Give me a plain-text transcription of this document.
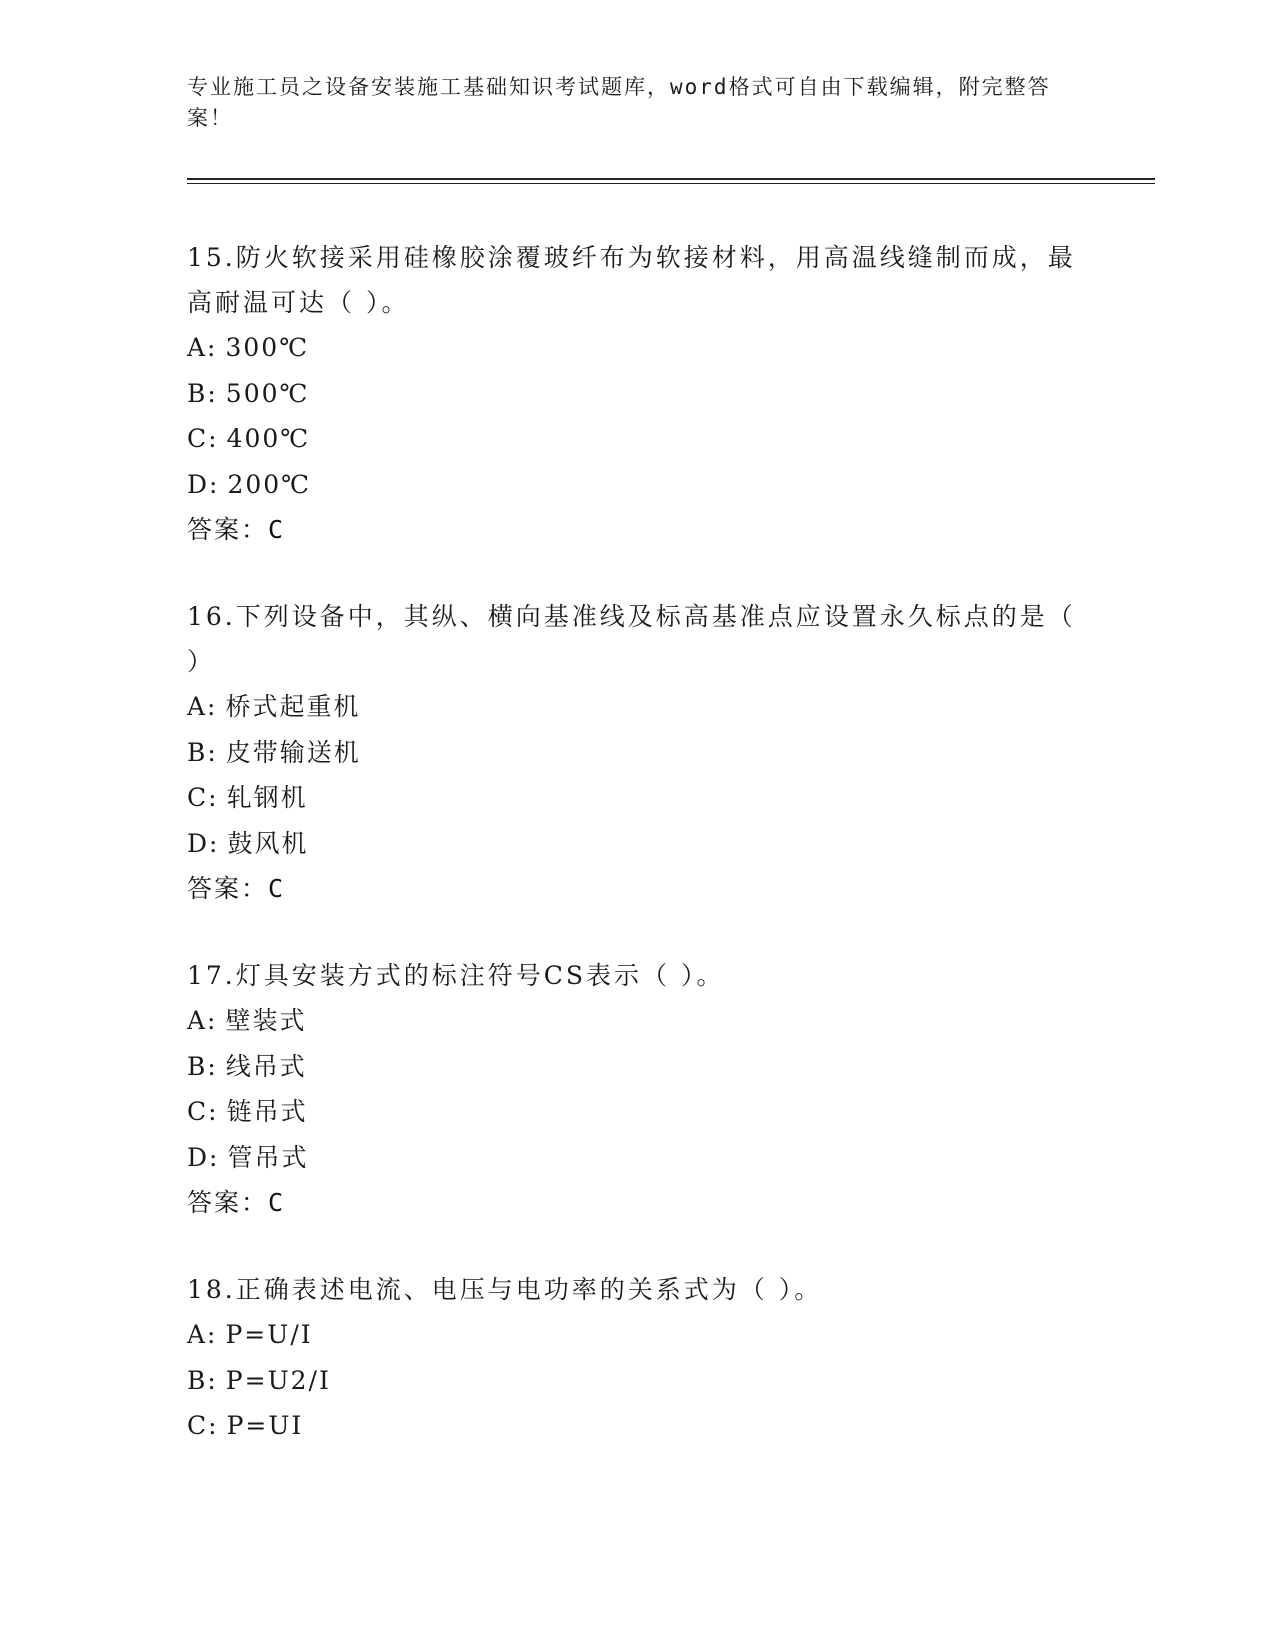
专业施工员之设备安装施工基础知识考试题库，word格式可自由下载编辑，附完整答案！
15.防火软接采用硅橡胶涂覆玻纤布为软接材料，用高温线缝制而成，最高耐温可达（ ）。
A: 300℃
B: 500℃
C: 400℃
D: 200℃
答案：C
16.下列设备中，其纵、横向基准线及标高基准点应设置永久标点的是（ ）
A: 桥式起重机
B: 皮带输送机
C: 轧钢机
D: 鼓风机
答案：C
17.灯具安装方式的标注符号CS表示（ ）。
A: 壁装式
B: 线吊式
C: 链吊式
D: 管吊式
答案：C
18.正确表述电流、电压与电功率的关系式为（ ）。
A: P=U/I
B: P=U2/I
C: P=UI
